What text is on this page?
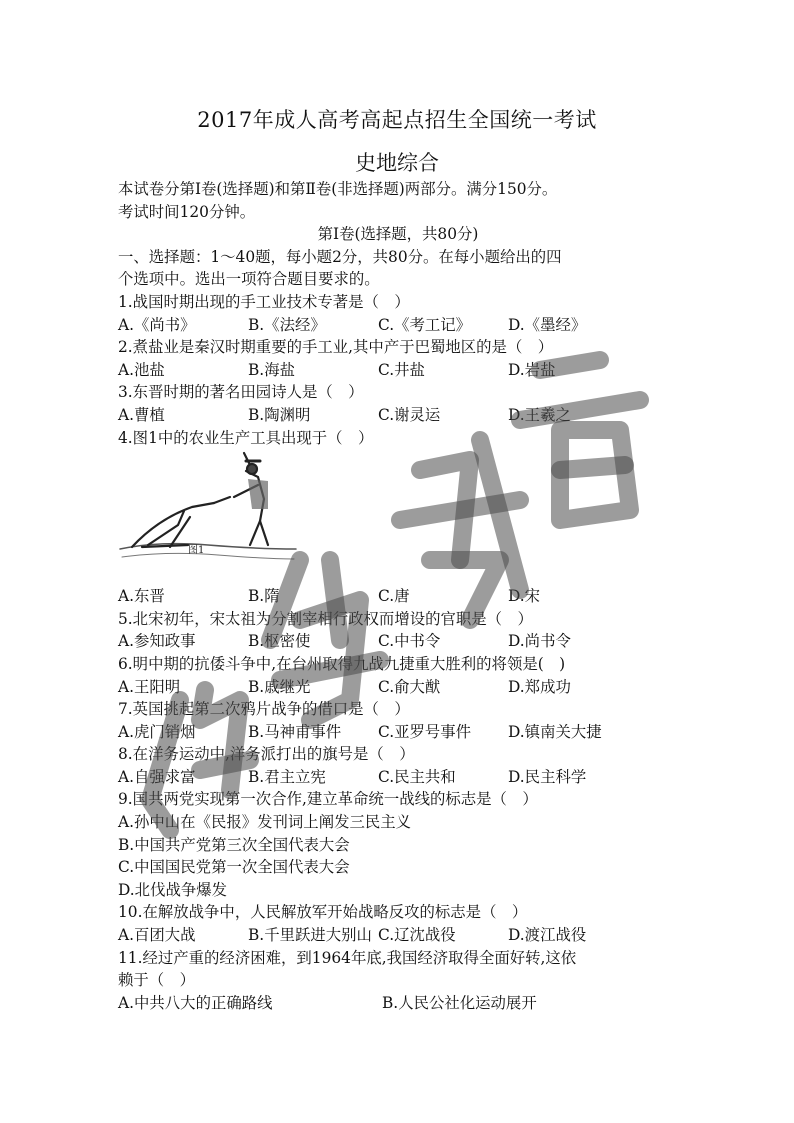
2017年成人高考高起点招生全国统一考试
史地综合

本试卷分第Ⅰ卷(选择题)和第Ⅱ卷(非选择题)两部分。满分150分。

考试时间120分钟。

第Ⅰ卷(选择题，共80分)

一、选择题：1～40题，每小题2分，共80分。在每小题给出的四

个选项中。选出一项符合题目要求的。

1.战国时期出现的手工业技术专著是（　）

A.《尚书》	B.《法经》	C.《考工记》	D.《墨经》

2.煮盐业是秦汉时期重要的手工业,其中产于巴蜀地区的是（　）

A.池盐	B.海盐	C.井盐	D.岩盐

3.东晋时期的著名田园诗人是（　）

A.曹植	B.陶渊明	C.谢灵运	D.王羲之

4.图1中的农业生产工具出现于（　）

图1
A.东晋	B.隋	C.唐	D.宋

5.北宋初年，宋太祖为分割宰相行政权而增设的官职是（　）

A.参知政事	B.枢密使	C.中书令	D.尚书令

6.明中期的抗倭斗争中,在台州取得九战九捷重大胜利的将领是(　)

A.王阳明	B.戚继光	C.俞大猷	D.郑成功

7.英国挑起第二次鸦片战争的借口是（　）

A.虎门销烟	B.马神甫事件	C.亚罗号事件	D.镇南关大捷

8.在洋务运动中,洋务派打出的旗号是（　）

A.自强求富	B.君主立宪	C.民主共和	D.民主科学

9.国共两党实现第一次合作,建立革命统一战线的标志是（　）

A.孙中山在《民报》发刊词上阐发三民主义

B.中国共产党第三次全国代表大会

C.中国国民党第一次全国代表大会

D.北伐战争爆发

10.在解放战争中，人民解放军开始战略反攻的标志是（　）

A.百团大战	B.千里跃进大别山 C.辽沈战役	D.渡江战役

11.经过产重的经济困难，到1964年底,我国经济取得全面好转,这依

赖于（　）

A.中共八大的正确路线	B.人民公社化运动展开
